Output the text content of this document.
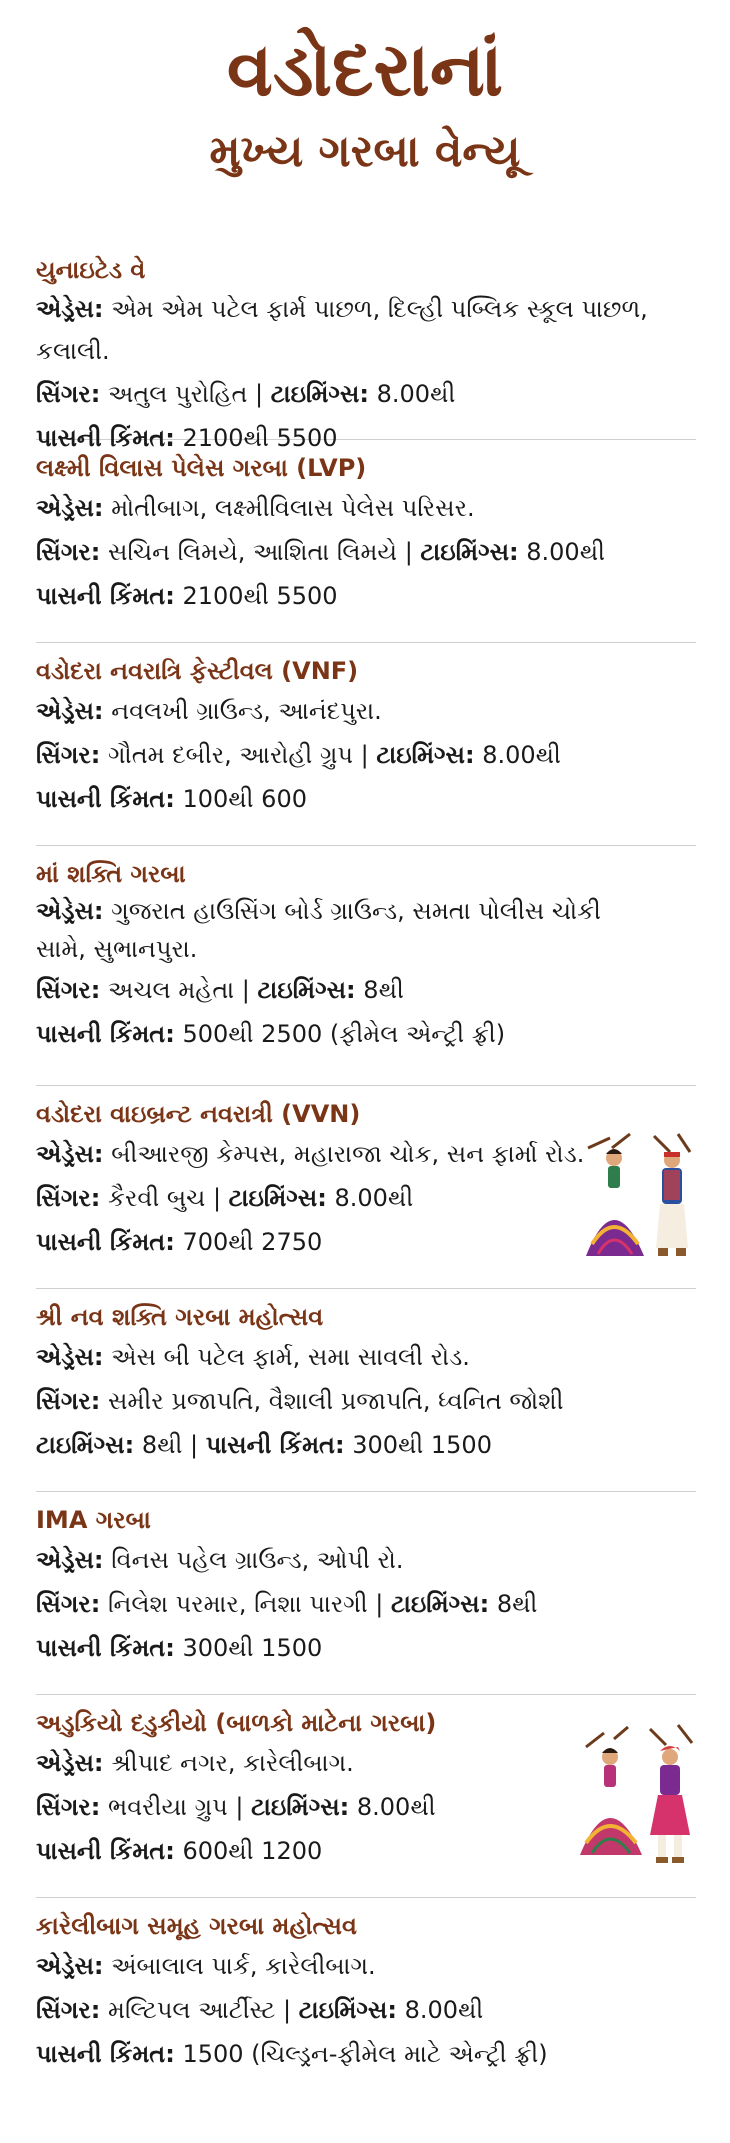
વડોદરાનાં
મુખ્ય ગરબા વેન્યૂ
યુનાઇટેડ વે
એડ્રેસ: એમ એમ પટેલ ફાર્મ પાછળ, દિલ્હી પબ્લિક સ્કૂલ પાછળ, કલાલી.
સિંગર: અતુલ પુરોહિત | ટાઇમિંગ્સ: 8.00થી
પાસની કિંમત: 2100થી 5500
લક્ષ્મી વિલાસ પેલેસ ગરબા (LVP)
એડ્રેસ: મોતીબાગ, લક્ષ્મીવિલાસ પેલેસ પરિસર.
સિંગર: સચિન લિમયે, આશિતા લિમયે | ટાઇમિંગ્સ: 8.00થી
પાસની કિંમત: 2100થી 5500
વડોદરા નવરાત્રિ ફેસ્ટીવલ (VNF)
એડ્રેસ: નવલખી ગ્રાઉન્ડ, આનંદપુરા.
સિંગર: ગૌતમ દબીર, આરોહી ગ્રુપ | ટાઇમિંગ્સ: 8.00થી
પાસની કિંમત: 100થી 600
માં શક્તિ ગરબા
એડ્રેસ: ગુજરાત હાઉસિંગ બોર્ડ ગ્રાઉન્ડ, સમતા પોલીસ ચોકી સામે, સુભાનપુરા.
સિંગર: અચલ મહેતા | ટાઇમિંગ્સ: 8થી
પાસની કિંમત: 500થી 2500 (ફીમેલ એન્ટ્રી ફ્રી)
વડોદરા વાઇબ્રન્ટ નવરાત્રી (VVN)
એડ્રેસ: બીઆરજી કેમ્પસ, મહારાજા ચોક, સન ફાર્મા રોડ.
સિંગર: કૈરવી બુચ | ટાઇમિંગ્સ: 8.00થી
પાસની કિંમત: 700થી 2750
શ્રી નવ શક્તિ ગરબા મહોત્સવ
એડ્રેસ: એસ બી પટેલ ફાર્મ, સમા સાવલી રોડ.
સિંગર: સમીર પ્રજાપતિ, વૈશાલી પ્રજાપતિ, ધ્વનિત જોશી
ટાઇમિંગ્સ: 8થી | પાસની કિંમત: 300થી 1500
IMA ગરબા
એડ્રેસ: વિનસ પહેલ ગ્રાઉન્ડ, ઓપી રો.
સિંગર: નિલેશ પરમાર, નિશા પારગી | ટાઇમિંગ્સ: 8થી
પાસની કિંમત: 300થી 1500
અડુકિયો દડુકીયો (બાળકો માટેના ગરબા)
એડ્રેસ: શ્રીપાદ નગર, કારેલીબાગ.
સિંગર: ભવરીયા ગ્રુપ | ટાઇમિંગ્સ: 8.00થી
પાસની કિંમત: 600થી 1200
કારેલીબાગ સમૂહ ગરબા મહોત્સવ
એડ્રેસ: અંબાલાલ પાર્ક, કારેલીબાગ.
સિંગર: મલ્ટિપલ આર્ટીસ્ટ | ટાઇમિંગ્સ: 8.00થી
પાસની કિંમત: 1500 (ચિલ્ડ્રન-ફીમેલ માટે એન્ટ્રી ફ્રી)
